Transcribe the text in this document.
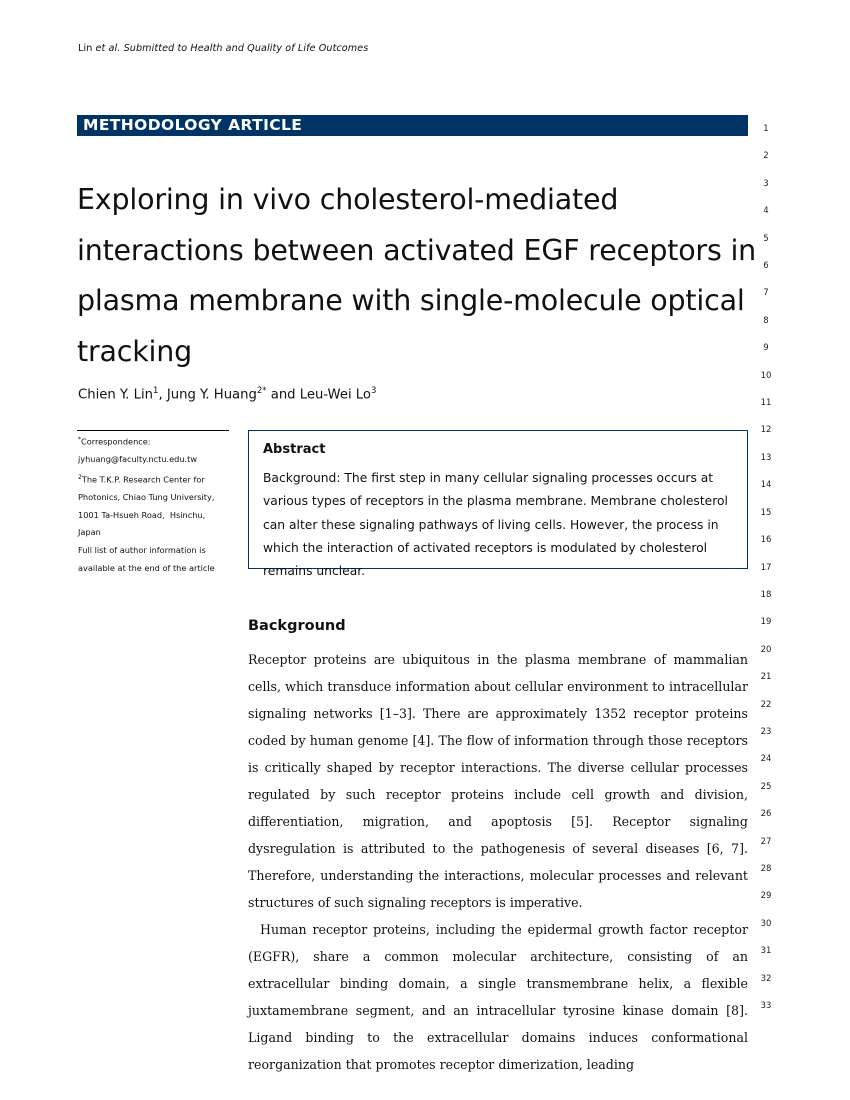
Lin et al. Submitted to Health and Quality of Life Outcomes
METHODOLOGY ARTICLE
Exploring in vivo cholesterol-mediated interactions between activated EGF receptors in plasma membrane with single-molecule optical tracking
Chien Y. Lin$^1$, Jung Y. Huang$^{2*}$ and Leu-Wei Lo$^3$
*Correspondence:
jyhuang@faculty.nctu.edu.tw
$^2$The T.K.P. Research Center for Photonics, Chiao Tung University, 1001 Ta-Hsueh Road,  Hsinchu, Japan
Full list of author information is available at the end of the article

Abstract

Background: The first step in many cellular signaling processes occurs at various types of receptors in the plasma membrane. Membrane cholesterol can alter these signaling pathways of living cells. However, the process in which the interaction of activated receptors is modulated by cholesterol remains unclear.

Background

Receptor proteins are ubiquitous in the plasma membrane of mammalian cells, which transduce information about cellular environment to intracellular signaling networks [1–3]. There are approximately 1352 receptor proteins coded by human genome [4]. The flow of information through those receptors is critically shaped by receptor interactions. The diverse cellular processes regulated by such receptor proteins include cell growth and division, differentiation, migration, and apoptosis [5]. Receptor signaling dysregulation is attributed to the pathogenesis of several diseases [6, 7]. Therefore, understanding the interactions, molecular processes and relevant structures of such signaling receptors is imperative.

Human receptor proteins, including the epidermal growth factor receptor (EGFR), share a common molecular architecture, consisting of an extracellular binding domain, a single transmembrane helix, a flexible juxtamembrane segment, and an intracellular tyrosine kinase domain [8]. Ligand binding to the extracellular domains induces conformational reorganization that promotes receptor dimerization, leading

1
2
3
4
5
6
7
8
9
10
11
12
13
14
15
16
17
18
19
20
21
22
23
24
25
26
27
28
29
30
31
32
33
